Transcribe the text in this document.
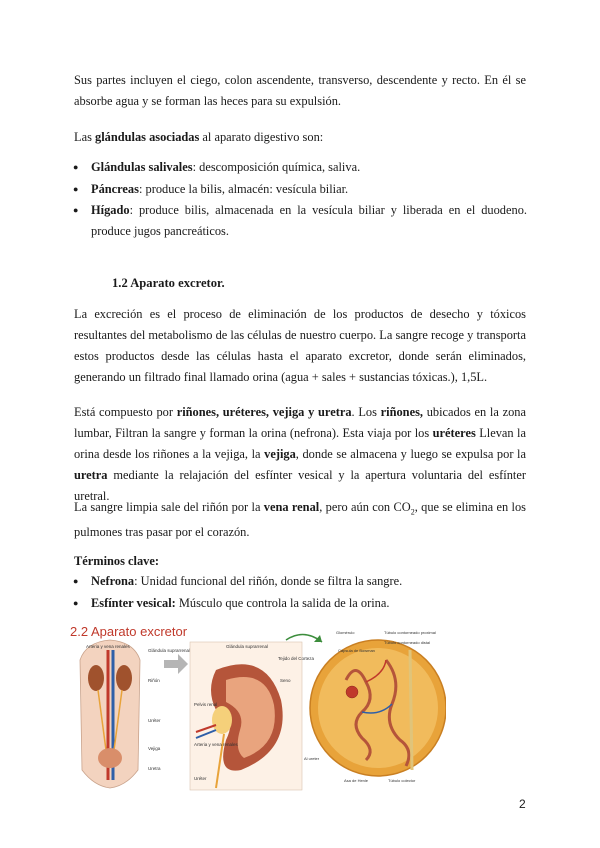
Sus partes incluyen el ciego, colon ascendente, transverso, descendente y recto. En él se absorbe agua y se forman las heces para su expulsión.

Las glándulas asociadas al aparato digestivo son:

● Glándulas salivales: descomposición química, saliva.

● Páncreas: produce la bilis, almacén: vesícula biliar.

● Hígado: produce bilis, almacenada en la vesícula biliar y liberada en el duodeno. produce jugos pancreáticos.

1.2 Aparato excretor.

La excreción es el proceso de eliminación de los productos de desecho y tóxicos resultantes del metabolismo de las células de nuestro cuerpo. La sangre recoge y transporta estos productos desde las células hasta el aparato excretor, donde serán eliminados, generando un filtrado final llamado orina (agua + sales + sustancias tóxicas.), 1,5L.

Está compuesto por riñones, uréteres, vejiga y uretra. Los riñones, ubicados en la zona lumbar, Filtran la sangre y forman la orina (nefrona). Esta viaja por los uréteres Llevan la orina desde los riñones a la vejiga, la vejiga, donde se almacena y luego se expulsa por la uretra mediante la relajación del esfínter vesical y la apertura voluntaria del esfínter uretral.

La sangre limpia sale del riñón por la vena renal, pero aún con $CO_2$, que se elimina en los pulmones tras pasar por el corazón.

Términos clave:

● Nefrona: Unidad funcional del riñón, donde se filtra la sangre.

● Esfínter vesical: Músculo que controla la salida de la orina.

2.2 Aparato excretor
Arteria y vena renales
Glándula suprarrenal
Riñón
Uréter
Vejiga
Uretra
Glándula suprarrenal
Tejido del Corteza
Seno
Pelvis renal
Arteria y vena renales
Uréter
Glomérulo
Cápsula de Bowman
Túbulo contorneado proximal
Túbulo contorneado distal
Al ureter
Asa de Henle	Túbulo colector
2
